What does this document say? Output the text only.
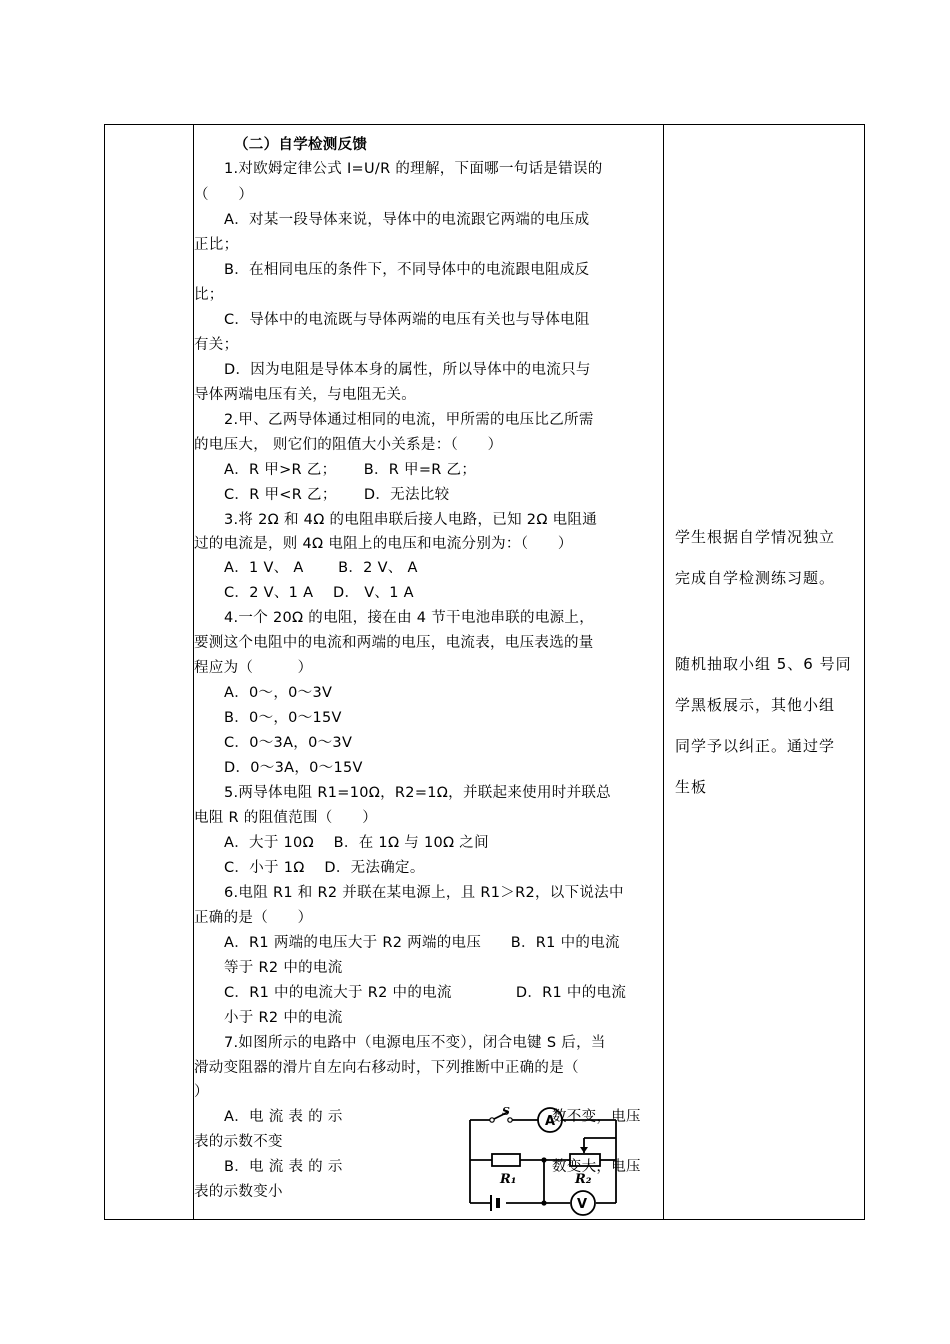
（二）自学检测反馈
1.对欧姆定律公式 I=U/R 的理解，下面哪一句话是错误的
（　　）
A．对某一段导体来说，导体中的电流跟它两端的电压成
正比；
B．在相同电压的条件下，不同导体中的电流跟电阻成反
比；
C．导体中的电流既与导体两端的电压有关也与导体电阻
有关；
D．因为电阻是导体本身的属性，所以导体中的电流只与
导体两端电压有关，与电阻无关。
2.甲、乙两导体通过相同的电流，甲所需的电压比乙所需
的电压大， 则它们的阻值大小关系是：（　　）
A．R 甲>R 乙；　　 B．R 甲=R 乙；
C．R 甲<R 乙；　　 D．无法比较
3.将 2Ω 和 4Ω 的电阻串联后接人电路，已知 2Ω 电阻通
过的电流是，则 4Ω 电阻上的电压和电流分别为：（　　）
A．1 V、 A　　 B．2 V、 A
C．2 V、1 A　 D． V、1 A
4.一个 20Ω 的电阻，接在由 4 节干电池串联的电源上，
要测这个电阻中的电流和两端的电压，电流表，电压表选的量
程应为（　　　）
A．0～，0～3V
B．0～，0～15V
C．0～3A，0～3V
D．0～3A，0～15V
5.两导体电阻 R1=10Ω，R2=1Ω，并联起来使用时并联总
电阻 R 的阻值范围（　　）
A．大于 10Ω　 B．在 1Ω 与 10Ω 之间
C．小于 1Ω　 D．无法确定。
6.电阻 R1 和 R2 并联在某电源上，且 R1＞R2，以下说法中
正确的是（　　）
A．R1 两端的电压大于 R2 两端的电压　　B．R1 中的电流
等于 R2 中的电流
C．R1 中的电流大于 R2 中的电流　　　　 D．R1 中的电流
小于 R2 中的电流
7.如图所示的电路中（电源电压不变），闭合电键 S 后，当
滑动变阻器的滑片自左向右移动时，下列推断中正确的是（
）
A．电 流 表 的 示	数不变，电压
表的示数不变
B．电 流 表 的 示	数变大，电压
表的示数变小
S
A
V
R₁	R₂
学生根据自学情况独立
完成自学检测练习题。
随机抽取小组 5、6 号同
学黑板展示，其他小组
同学予以纠正。通过学
生板
